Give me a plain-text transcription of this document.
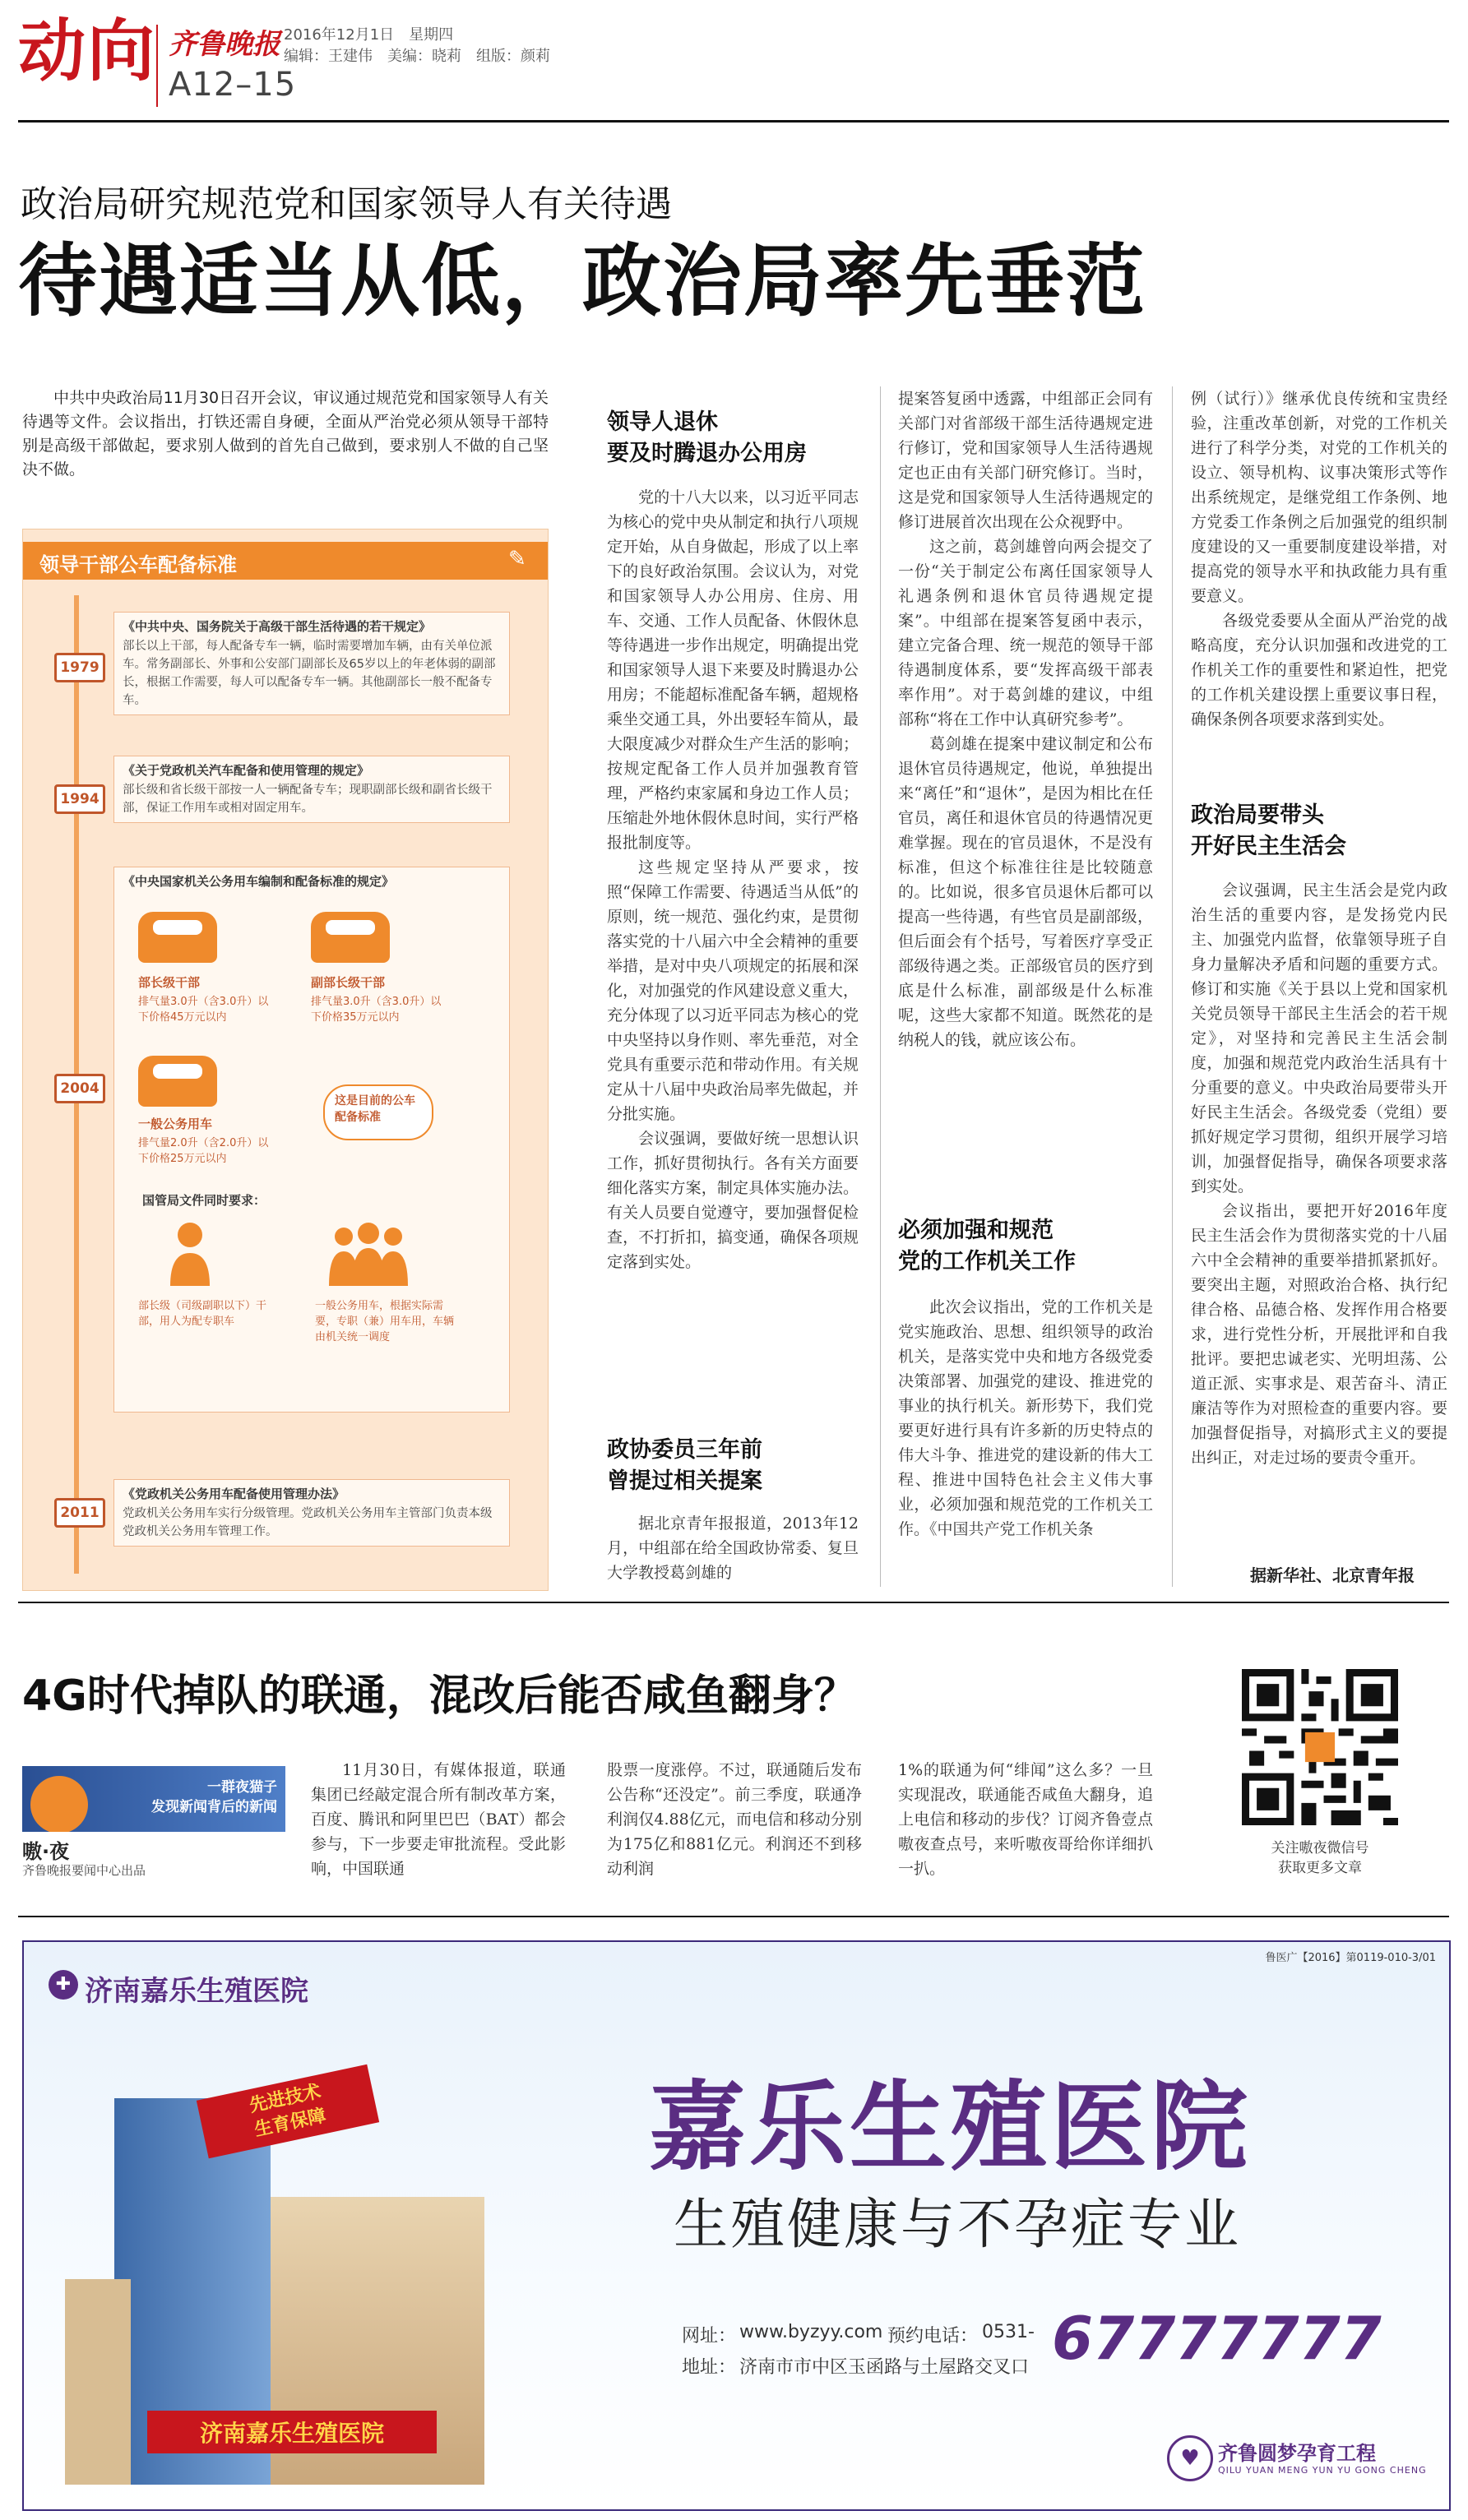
动向 齐鲁晚报
A12–15
2016年12月1日　星期四
编辑：王建伟　美编：晓莉　组版：颜莉
政治局研究规范党和国家领导人有关待遇
待遇适当从低，政治局率先垂范

中共中央政治局11月30日召开会议，审议通过规范党和国家领导人有关待遇等文件。会议指出，打铁还需自身硬，全面从严治党必须从领导干部特别是高级干部做起，要求别人做到的首先自己做到，要求别人不做的自己坚决不做。

领导干部公车配备标准	✎
1979
《中共中央、国务院关于高级干部生活待遇的若干规定》
部长以上干部，每人配备专车一辆，临时需要增加车辆，由有关单位派车。常务副部长、外事和公安部门副部长及65岁以上的年老体弱的副部长，根据工作需要，每人可以配备专车一辆。其他副部长一般不配备专车。
1994
《关于党政机关汽车配备和使用管理的规定》
部长级和省长级干部按一人一辆配备专车；现职副部长级和副省长级干部，保证工作用车或相对固定用车。
2004
《中央国家机关公务用车编制和配备标准的规定》
部长级干部
排气量3.0升（含3.0升）以下价格45万元以内
副部长级干部
排气量3.0升（含3.0升）以下价格35万元以内
一般公务用车
排气量2.0升（含2.0升）以下价格25万元以内
这是目前的公车配备标准
国管局文件同时要求：
部长级（司级副职以下）干部，用人为配专职车
一般公务用车，根据实际需要，专职（兼）用车用，车辆由机关统一调度
2011
《党政机关公务用车配备使用管理办法》
党政机关公务用车实行分级管理。党政机关公务用车主管部门负责本级党政机关公务用车管理工作。
领导人退休
要及时腾退办公用房

党的十八大以来，以习近平同志为核心的党中央从制定和执行八项规定开始，从自身做起，形成了以上率下的良好政治氛围。会议认为，对党和国家领导人办公用房、住房、用车、交通、工作人员配备、休假休息等待遇进一步作出规定，明确提出党和国家领导人退下来要及时腾退办公用房；不能超标准配备车辆，超规格乘坐交通工具，外出要轻车简从，最大限度减少对群众生产生活的影响；按规定配备工作人员并加强教育管理，严格约束家属和身边工作人员；压缩赴外地休假休息时间，实行严格报批制度等。

这些规定坚持从严要求，按照“保障工作需要、待遇适当从低”的原则，统一规范、强化约束，是贯彻落实党的十八届六中全会精神的重要举措，是对中央八项规定的拓展和深化，对加强党的作风建设意义重大，充分体现了以习近平同志为核心的党中央坚持以身作则、率先垂范，对全党具有重要示范和带动作用。有关规定从十八届中央政治局率先做起，并分批实施。

会议强调，要做好统一思想认识工作，抓好贯彻执行。各有关方面要细化落实方案，制定具体实施办法。有关人员要自觉遵守，要加强督促检查，不打折扣，搞变通，确保各项规定落到实处。

政协委员三年前
曾提过相关提案

据北京青年报报道，2013年12月，中组部在给全国政协常委、复旦大学教授葛剑雄的

提案答复函中透露，中组部正会同有关部门对省部级干部生活待遇规定进行修订，党和国家领导人生活待遇规定也正由有关部门研究修订。当时，这是党和国家领导人生活待遇规定的修订进展首次出现在公众视野中。

这之前，葛剑雄曾向两会提交了一份“关于制定公布离任国家领导人礼遇条例和退休官员待遇规定提案”。中组部在提案答复函中表示，建立完备合理、统一规范的领导干部待遇制度体系，要“发挥高级干部表率作用”。对于葛剑雄的建议，中组部称“将在工作中认真研究参考”。

葛剑雄在提案中建议制定和公布退休官员待遇规定，他说，单独提出来“离任”和“退休”，是因为相比在任官员，离任和退休官员的待遇情况更难掌握。现在的官员退休，不是没有标准，但这个标准往往是比较随意的。比如说，很多官员退休后都可以提高一些待遇，有些官员是副部级，但后面会有个括号，写着医疗享受正部级待遇之类。正部级官员的医疗到底是什么标准，副部级是什么标准呢，这些大家都不知道。既然花的是纳税人的钱，就应该公布。

必须加强和规范
党的工作机关工作

此次会议指出，党的工作机关是党实施政治、思想、组织领导的政治机关，是落实党中央和地方各级党委决策部署、加强党的建设、推进党的事业的执行机关。新形势下，我们党要更好进行具有许多新的历史特点的伟大斗争、推进党的建设新的伟大工程、推进中国特色社会主义伟大事业，必须加强和规范党的工作机关工作。《中国共产党工作机关条

例（试行）》继承优良传统和宝贵经验，注重改革创新，对党的工作机关进行了科学分类，对党的工作机关的设立、领导机构、议事决策形式等作出系统规定，是继党组工作条例、地方党委工作条例之后加强党的组织制度建设的又一重要制度建设举措，对提高党的领导水平和执政能力具有重要意义。

各级党委要从全面从严治党的战略高度，充分认识加强和改进党的工作机关工作的重要性和紧迫性，把党的工作机关建设摆上重要议事日程，确保条例各项要求落到实处。

政治局要带头
开好民主生活会

会议强调，民主生活会是党内政治生活的重要内容，是发扬党内民主、加强党内监督，依靠领导班子自身力量解决矛盾和问题的重要方式。修订和实施《关于县以上党和国家机关党员领导干部民主生活会的若干规定》，对坚持和完善民主生活会制度，加强和规范党内政治生活具有十分重要的意义。中央政治局要带头开好民主生活会。各级党委（党组）要抓好规定学习贯彻，组织开展学习培训，加强督促指导，确保各项要求落到实处。

会议指出，要把开好2016年度民主生活会作为贯彻落实党的十八届六中全会精神的重要举措抓紧抓好。要突出主题，对照政治合格、执行纪律合格、品德合格、发挥作用合格要求，进行党性分析，开展批评和自我批评。要把忠诚老实、光明坦荡、公道正派、实事求是、艰苦奋斗、清正廉洁等作为对照检查的重要内容。要加强督促指导，对搞形式主义的要提出纠正，对走过场的要责令重开。

据新华社、北京青年报
4G时代掉队的联通，混改后能否咸鱼翻身？
一群夜猫子
发现新闻背后的新闻
嗷·夜
齐鲁晚报要闻中心出品

11月30日，有媒体报道，联通集团已经敲定混合所有制改革方案，百度、腾讯和阿里巴巴（BAT）都会参与，下一步要走审批流程。受此影响，中国联通

股票一度涨停。不过，联通随后发布公告称“还没定”。前三季度，联通净利润仅4.88亿元，而电信和移动分别为175亿和881亿元。利润还不到移动利润

1%的联通为何“绯闻”这么多？一旦实现混改，联通能否咸鱼大翻身，追上电信和移动的步伐？订阅齐鲁壹点嗷夜查点号，来听嗷夜哥给你详细扒一扒。

关注嗷夜微信号
获取更多文章
鲁医广【2016】第0119-010-3/01
✚ 济南嘉乐生殖医院
先进技术
生育保障
济南嘉乐生殖医院
嘉乐生殖医院
生殖健康与不孕症专业
网址： www.byzyy.com 预约电话： 0531- 67777777
地址： 济南市市中区玉函路与土屋路交叉口
♥ 齐鲁圆梦孕育工程
QILU YUAN MENG YUN YU GONG CHENG
